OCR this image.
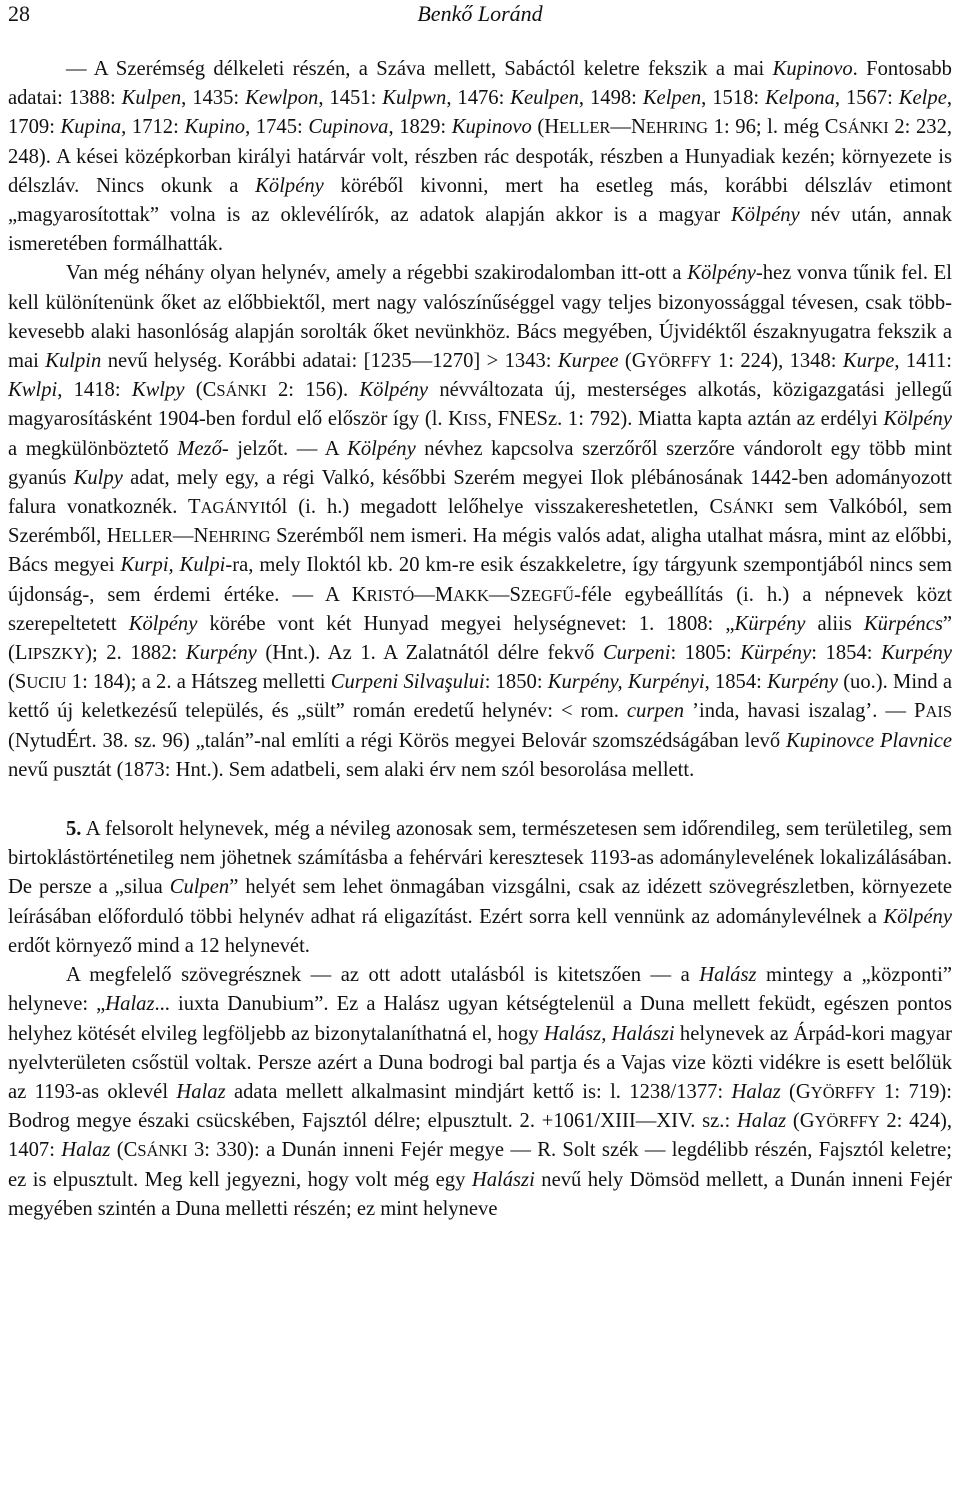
28	Benkő Loránd

— A Szerémség délkeleti részén, a Száva mellett, Sabáctól keletre fekszik a mai Kupinovo. Fontosabb adatai: 1388: Kulpen, 1435: Kewlpon, 1451: Kulpwn, 1476: Keulpen, 1498: Kelpen, 1518: Kelpona, 1567: Kelpe, 1709: Kupina, 1712: Kupino, 1745: Cupinova, 1829: Kupinovo (HELLER—NEHRING 1: 96; l. még CSÁNKI 2: 232, 248). A kései középkorban királyi határvár volt, részben rác despoták, részben a Hunyadiak kezén; környezete is délszláv. Nincs okunk a Kölpény köréből kivonni, mert ha esetleg más, korábbi délszláv etimont „magyarosítottak” volna is az oklevélírók, az adatok alapján akkor is a magyar Kölpény név után, annak ismeretében formálhatták.

Van még néhány olyan helynév, amely a régebbi szakirodalomban itt-ott a Kölpény-hez vonva tűnik fel. El kell különítenünk őket az előbbiektől, mert nagy valószínűséggel vagy teljes bizonyossággal tévesen, csak több-kevesebb alaki hasonlóság alapján sorolták őket nevünkhöz. Bács megyében, Újvidéktől északnyugatra fekszik a mai Kulpin nevű helység. Korábbi adatai: [1235—1270] > 1343: Kurpee (GYÖRFFY 1: 224), 1348: Kurpe, 1411: Kwlpi, 1418: Kwlpy (CSÁNKI 2: 156). Kölpény névváltozata új, mesterséges alkotás, közigazgatási jellegű magyarosításként 1904-ben fordul elő először így (l. KISS, FNESz. 1: 792). Miatta kapta aztán az erdélyi Kölpény a megkülönböztető Mező- jelzőt. — A Kölpény névhez kapcsolva szerzőről szerzőre vándorolt egy több mint gyanús Kulpy adat, mely egy, a régi Valkó, későbbi Szerém megyei Ilok plébánosának 1442-ben adományozott falura vonatkoznék. TAGÁNYItól (i. h.) megadott lelőhelye visszakereshetetlen, CSÁNKI sem Valkóból, sem Szerémből, HELLER—NEHRING Szerémből nem ismeri. Ha mégis valós adat, aligha utalhat másra, mint az előbbi, Bács megyei Kurpi, Kulpi-ra, mely Iloktól kb. 20 km-re esik északkeletre, így tárgyunk szempontjából nincs sem újdonság-, sem érdemi értéke. — A KRISTÓ—MAKK—SZEGFŰ-féle egybeállítás (i. h.) a népnevek közt szerepeltetett Kölpény körébe vont két Hunyad megyei helységnevet: 1. 1808: „Kürpény aliis Kürpéncs” (LIPSZKY); 2. 1882: Kurpény (Hnt.). Az 1. A Zalatnától délre fekvő Curpeni: 1805: Kürpény: 1854: Kurpény (SUCIU 1: 184); a 2. a Hátszeg melletti Curpeni Silvaşului: 1850: Kurpény, Kurpényi, 1854: Kurpény (uo.). Mind a kettő új keletkezésű település, és „sült” román eredetű helynév: < rom. curpen ’inda, havasi iszalag’. — PAIS (NytudÉrt. 38. sz. 96) „talán”-nal említi a régi Körös megyei Belovár szomszédságában levő Kupinovce Plavnice nevű pusztát (1873: Hnt.). Sem adatbeli, sem alaki érv nem szól besorolása mellett.

5. A felsorolt helynevek, még a névileg azonosak sem, természetesen sem időrendileg, sem területileg, sem birtoklástörténetileg nem jöhetnek számításba a fehérvári keresztesek 1193-as adománylevelének lokalizálásában. De persze a „silua Culpen” helyét sem lehet önmagában vizsgálni, csak az idézett szövegrészletben, környezete leírásában előforduló többi helynév adhat rá eligazítást. Ezért sorra kell vennünk az adománylevélnek a Kölpény erdőt környező mind a 12 helynevét.

A megfelelő szövegrésznek — az ott adott utalásból is kitetszően — a Halász mintegy a „központi” helyneve: „Halaz... iuxta Danubium”. Ez a Halász ugyan kétségtelenül a Duna mellett feküdt, egészen pontos helyhez kötését elvileg legföljebb az bizonytalaníthatná el, hogy Halász, Halászi helynevek az Árpád-kori magyar nyelvterületen csőstül voltak. Persze azért a Duna bodrogi bal partja és a Vajas vize közti vidékre is esett belőlük az 1193-as oklevél Halaz adata mellett alkalmasint mindjárt kettő is: l. 1238/1377: Halaz (GYÖRFFY 1: 719): Bodrog megye északi csücskében, Fajsztól délre; elpusztult. 2. +1061/XIII—XIV. sz.: Halaz (GYÖRFFY 2: 424), 1407: Halaz (CSÁNKI 3: 330): a Dunán inneni Fejér megye — R. Solt szék — legdélibb részén, Fajsztól keletre; ez is elpusztult. Meg kell jegyezni, hogy volt még egy Halászi nevű hely Dömsöd mellett, a Dunán inneni Fejér megyében szintén a Duna melletti részén; ez mint helyneve
